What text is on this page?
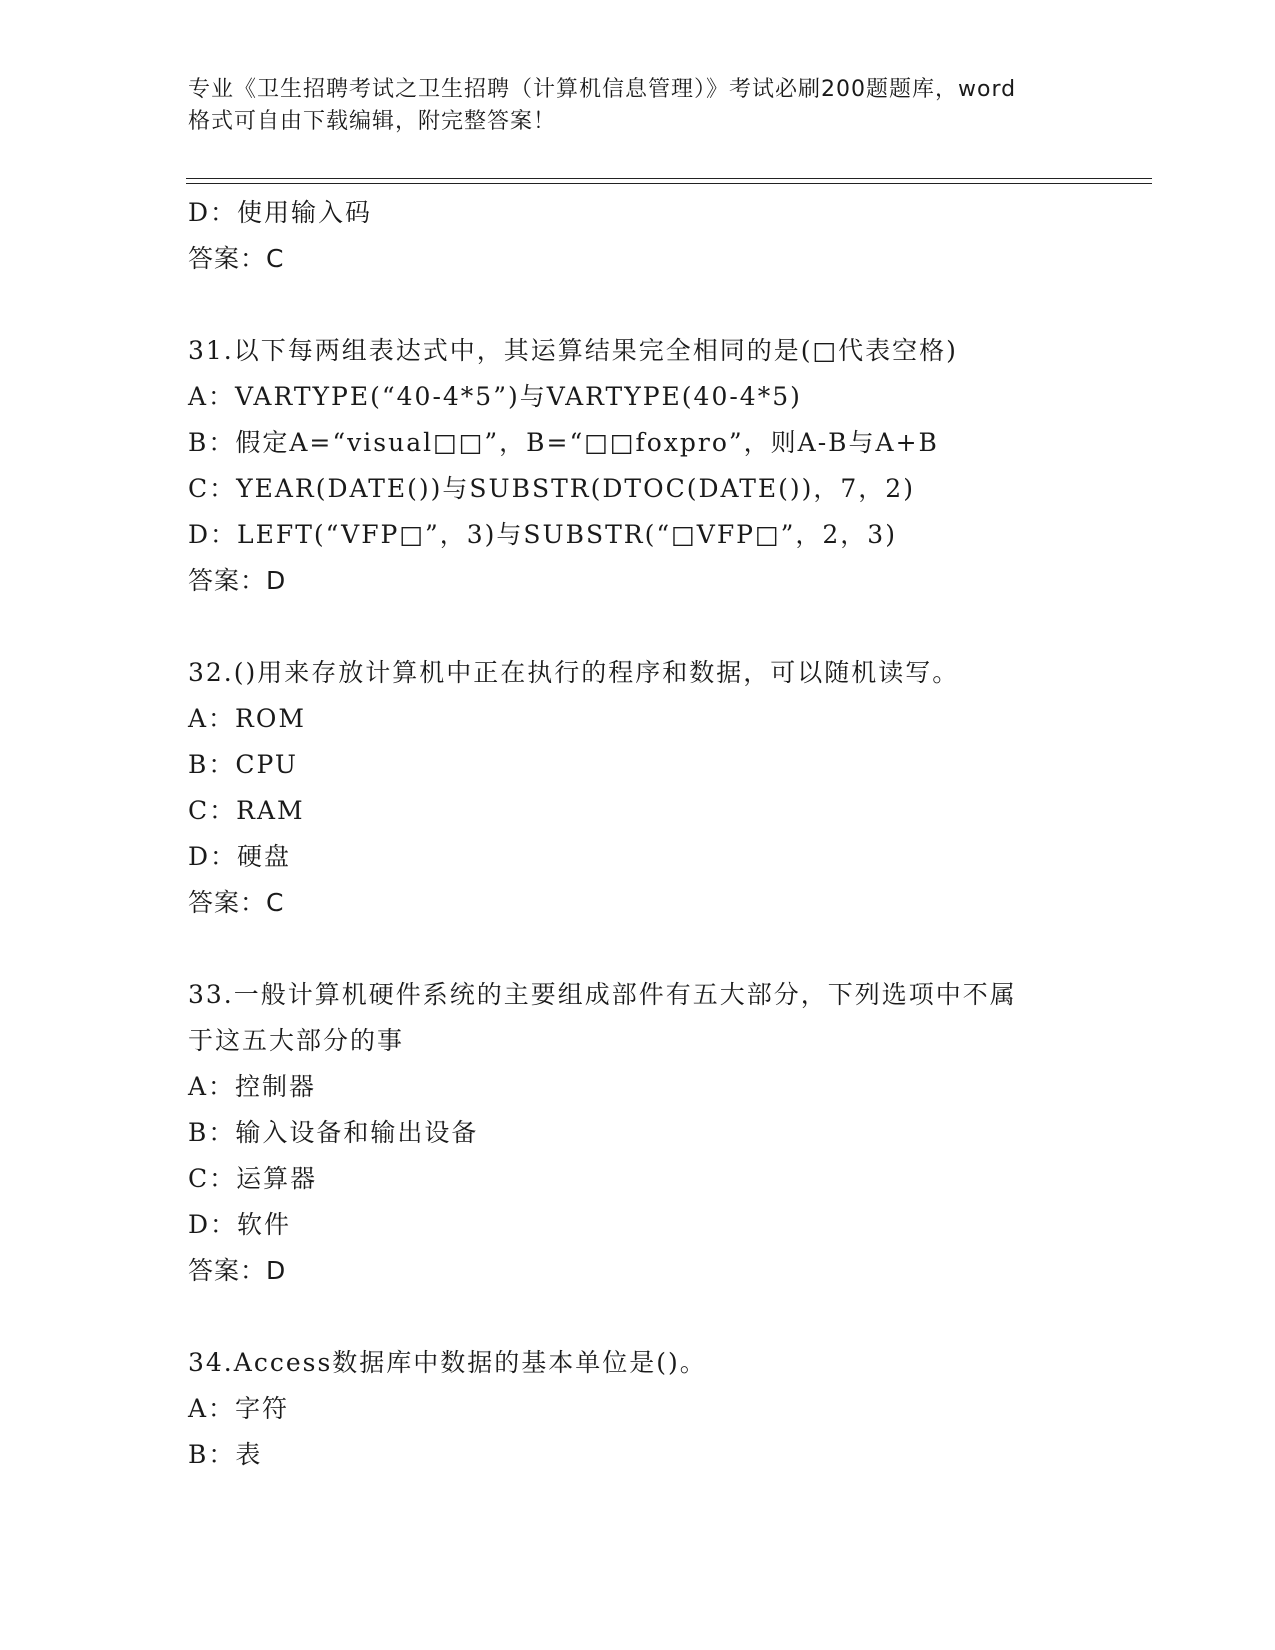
专业《卫生招聘考试之卫生招聘（计算机信息管理）》考试必刷200题题库，word
格式可自由下载编辑，附完整答案！
D：使用输入码
答案：C
31.以下每两组表达式中，其运算结果完全相同的是(□代表空格)
A：VARTYPE(“40-4*5”)与VARTYPE(40-4*5)
B：假定A=“visual□□”，B=“□□foxpro”，则A-B与A+B
C：YEAR(DATE())与SUBSTR(DTOC(DATE())，7，2)
D：LEFT(“VFP□”，3)与SUBSTR(“□VFP□”，2，3)
答案：D
32.()用来存放计算机中正在执行的程序和数据，可以随机读写。
A：ROM
B：CPU
C：RAM
D：硬盘
答案：C
33.一般计算机硬件系统的主要组成部件有五大部分，下列选项中不属
于这五大部分的事
A：控制器
B：输入设备和输出设备
C：运算器
D：软件
答案：D
34.Access数据库中数据的基本单位是()。
A：字符
B：表
